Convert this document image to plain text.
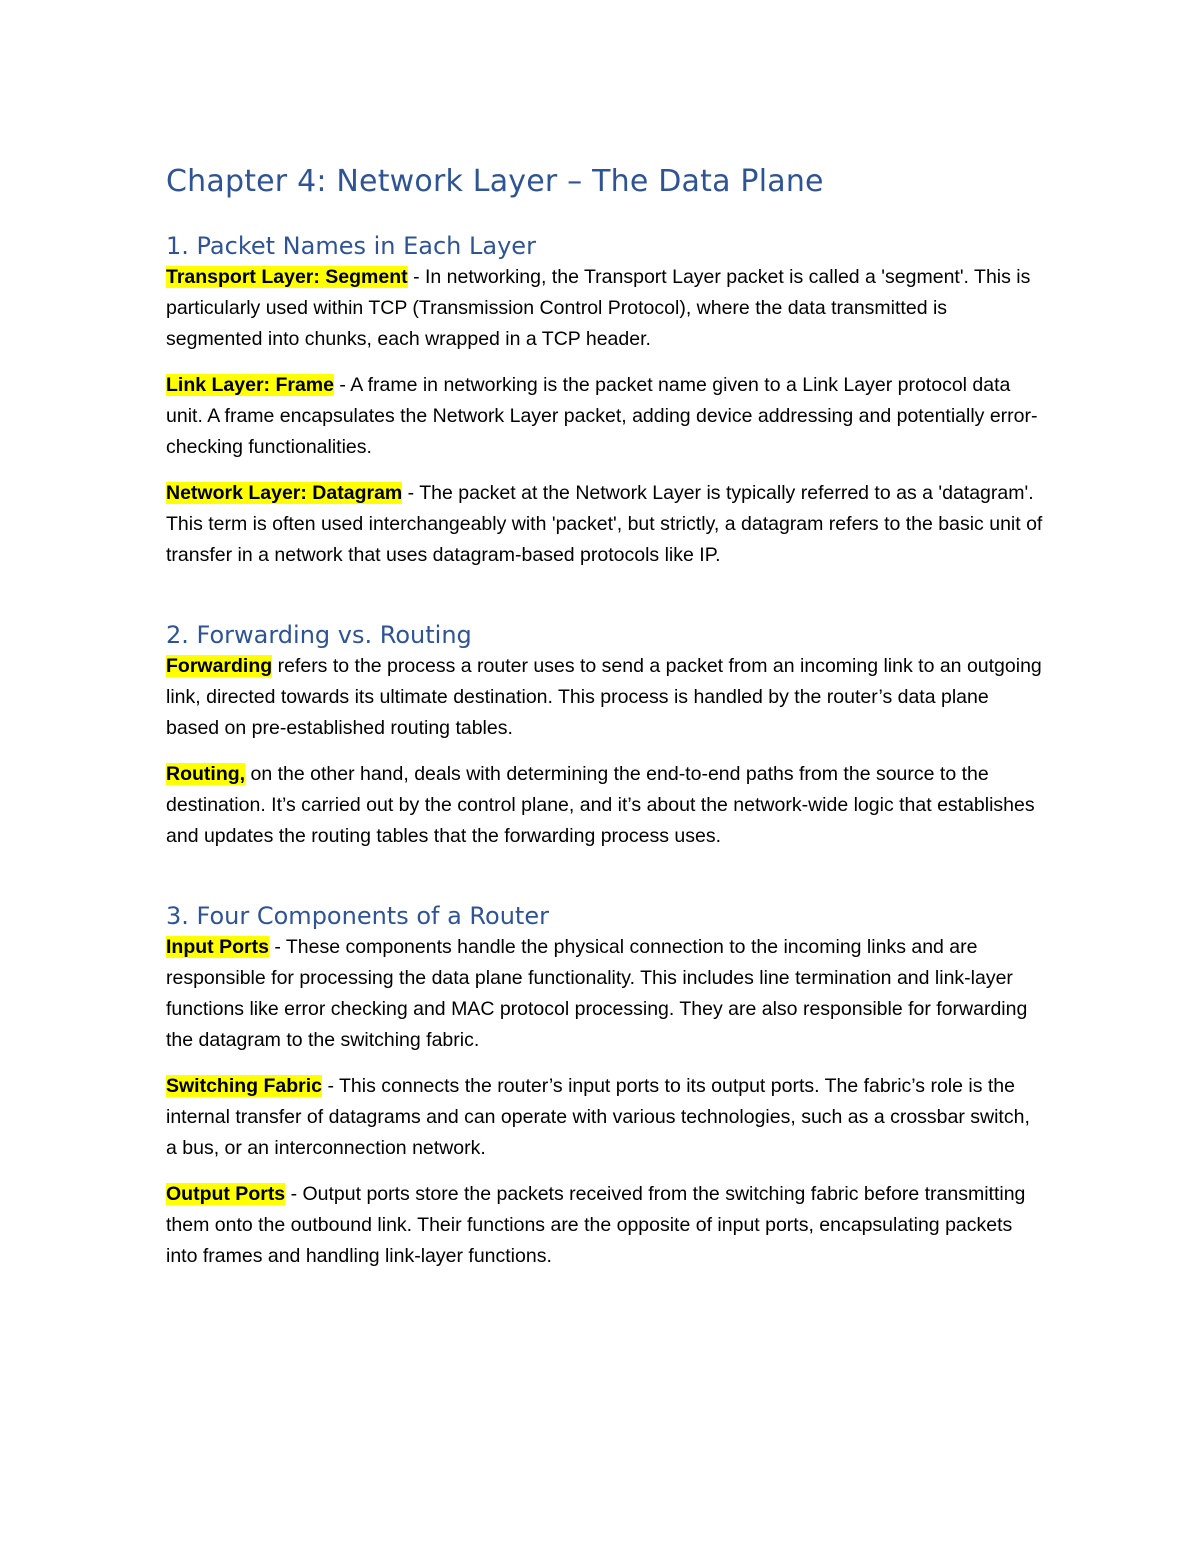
Chapter 4: Network Layer – The Data Plane
1. Packet Names in Each Layer

Transport Layer: Segment - In networking, the Transport Layer packet is called a 'segment'. This is particularly used within TCP (Transmission Control Protocol), where the data transmitted is segmented into chunks, each wrapped in a TCP header.

Link Layer: Frame - A frame in networking is the packet name given to a Link Layer protocol data unit. A frame encapsulates the Network Layer packet, adding device addressing and potentially error-checking functionalities.

Network Layer: Datagram - The packet at the Network Layer is typically referred to as a 'datagram'. This term is often used interchangeably with 'packet', but strictly, a datagram refers to the basic unit of transfer in a network that uses datagram-based protocols like IP.

2. Forwarding vs. Routing

Forwarding refers to the process a router uses to send a packet from an incoming link to an outgoing link, directed towards its ultimate destination. This process is handled by the router’s data plane based on pre-established routing tables.

Routing, on the other hand, deals with determining the end-to-end paths from the source to the destination. It’s carried out by the control plane, and it’s about the network-wide logic that establishes and updates the routing tables that the forwarding process uses.

3. Four Components of a Router

Input Ports - These components handle the physical connection to the incoming links and are responsible for processing the data plane functionality. This includes line termination and link-layer functions like error checking and MAC protocol processing. They are also responsible for forwarding the datagram to the switching fabric.

Switching Fabric - This connects the router’s input ports to its output ports. The fabric’s role is the internal transfer of datagrams and can operate with various technologies, such as a crossbar switch, a bus, or an interconnection network.

Output Ports - Output ports store the packets received from the switching fabric before transmitting them onto the outbound link. Their functions are the opposite of input ports, encapsulating packets into frames and handling link-layer functions.
